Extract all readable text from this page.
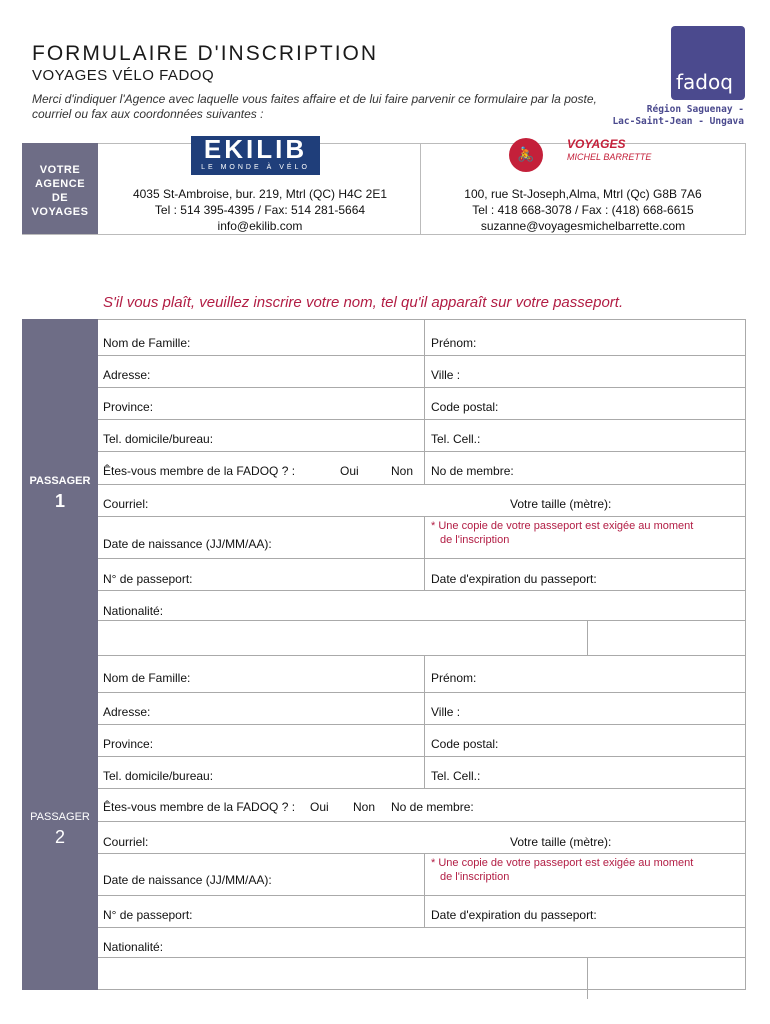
FORMULAIRE D'INSCRIPTION
VOYAGES VÉLO FADOQ
Merci d'indiquer l'Agence avec laquelle vous faites affaire et de lui faire parvenir ce formulaire par la poste, courriel ou fax aux coordonnées suivantes :
fadoq
Région Saguenay -
Lac-Saint-Jean - Ungava
VOTRE
AGENCE
DE
VOYAGES
EKILIB
LE MONDE À VÉLO
4035 St-Ambroise, bur. 219, Mtrl (QC) H4C 2E1
Tel : 514 395-4395 / Fax: 514 281-5664
info@ekilib.com
🚴
VOYAGES
MICHEL BARRETTE
100, rue St-Joseph,Alma, Mtrl (Qc) G8B 7A6
Tel : 418 668-3078 / Fax : (418) 668-6615
suzanne@voyagesmichelbarrette.com
S'il vous plaît, veuillez inscrire votre nom, tel qu'il apparaît sur votre passeport.
PASSAGER
1
Nom de Famille:	Prénom:
Adresse:	Ville :
Province:	Code postal:
Tel. domicile/bureau:	Tel. Cell.:
Êtes-vous membre de la FADOQ ? :	Oui	Non No de membre:
Courriel:	Votre taille (mètre):
Date de naissance (JJ/MM/AA):
* Une copie de votre passeport est exigée au moment
de l'inscription
N° de passeport:	Date d'expiration du passeport:
Nationalité:
PASSAGER
2
Nom de Famille:	Prénom:
Adresse:	Ville :
Province:	Code postal:
Tel. domicile/bureau:	Tel. Cell.:
Êtes-vous membre de la FADOQ ? : Oui Non No de membre:
Courriel:	Votre taille (mètre):
Date de naissance (JJ/MM/AA):
* Une copie de votre passeport est exigée au moment
de l'inscription
N° de passeport:	Date d'expiration du passeport:
Nationalité:
